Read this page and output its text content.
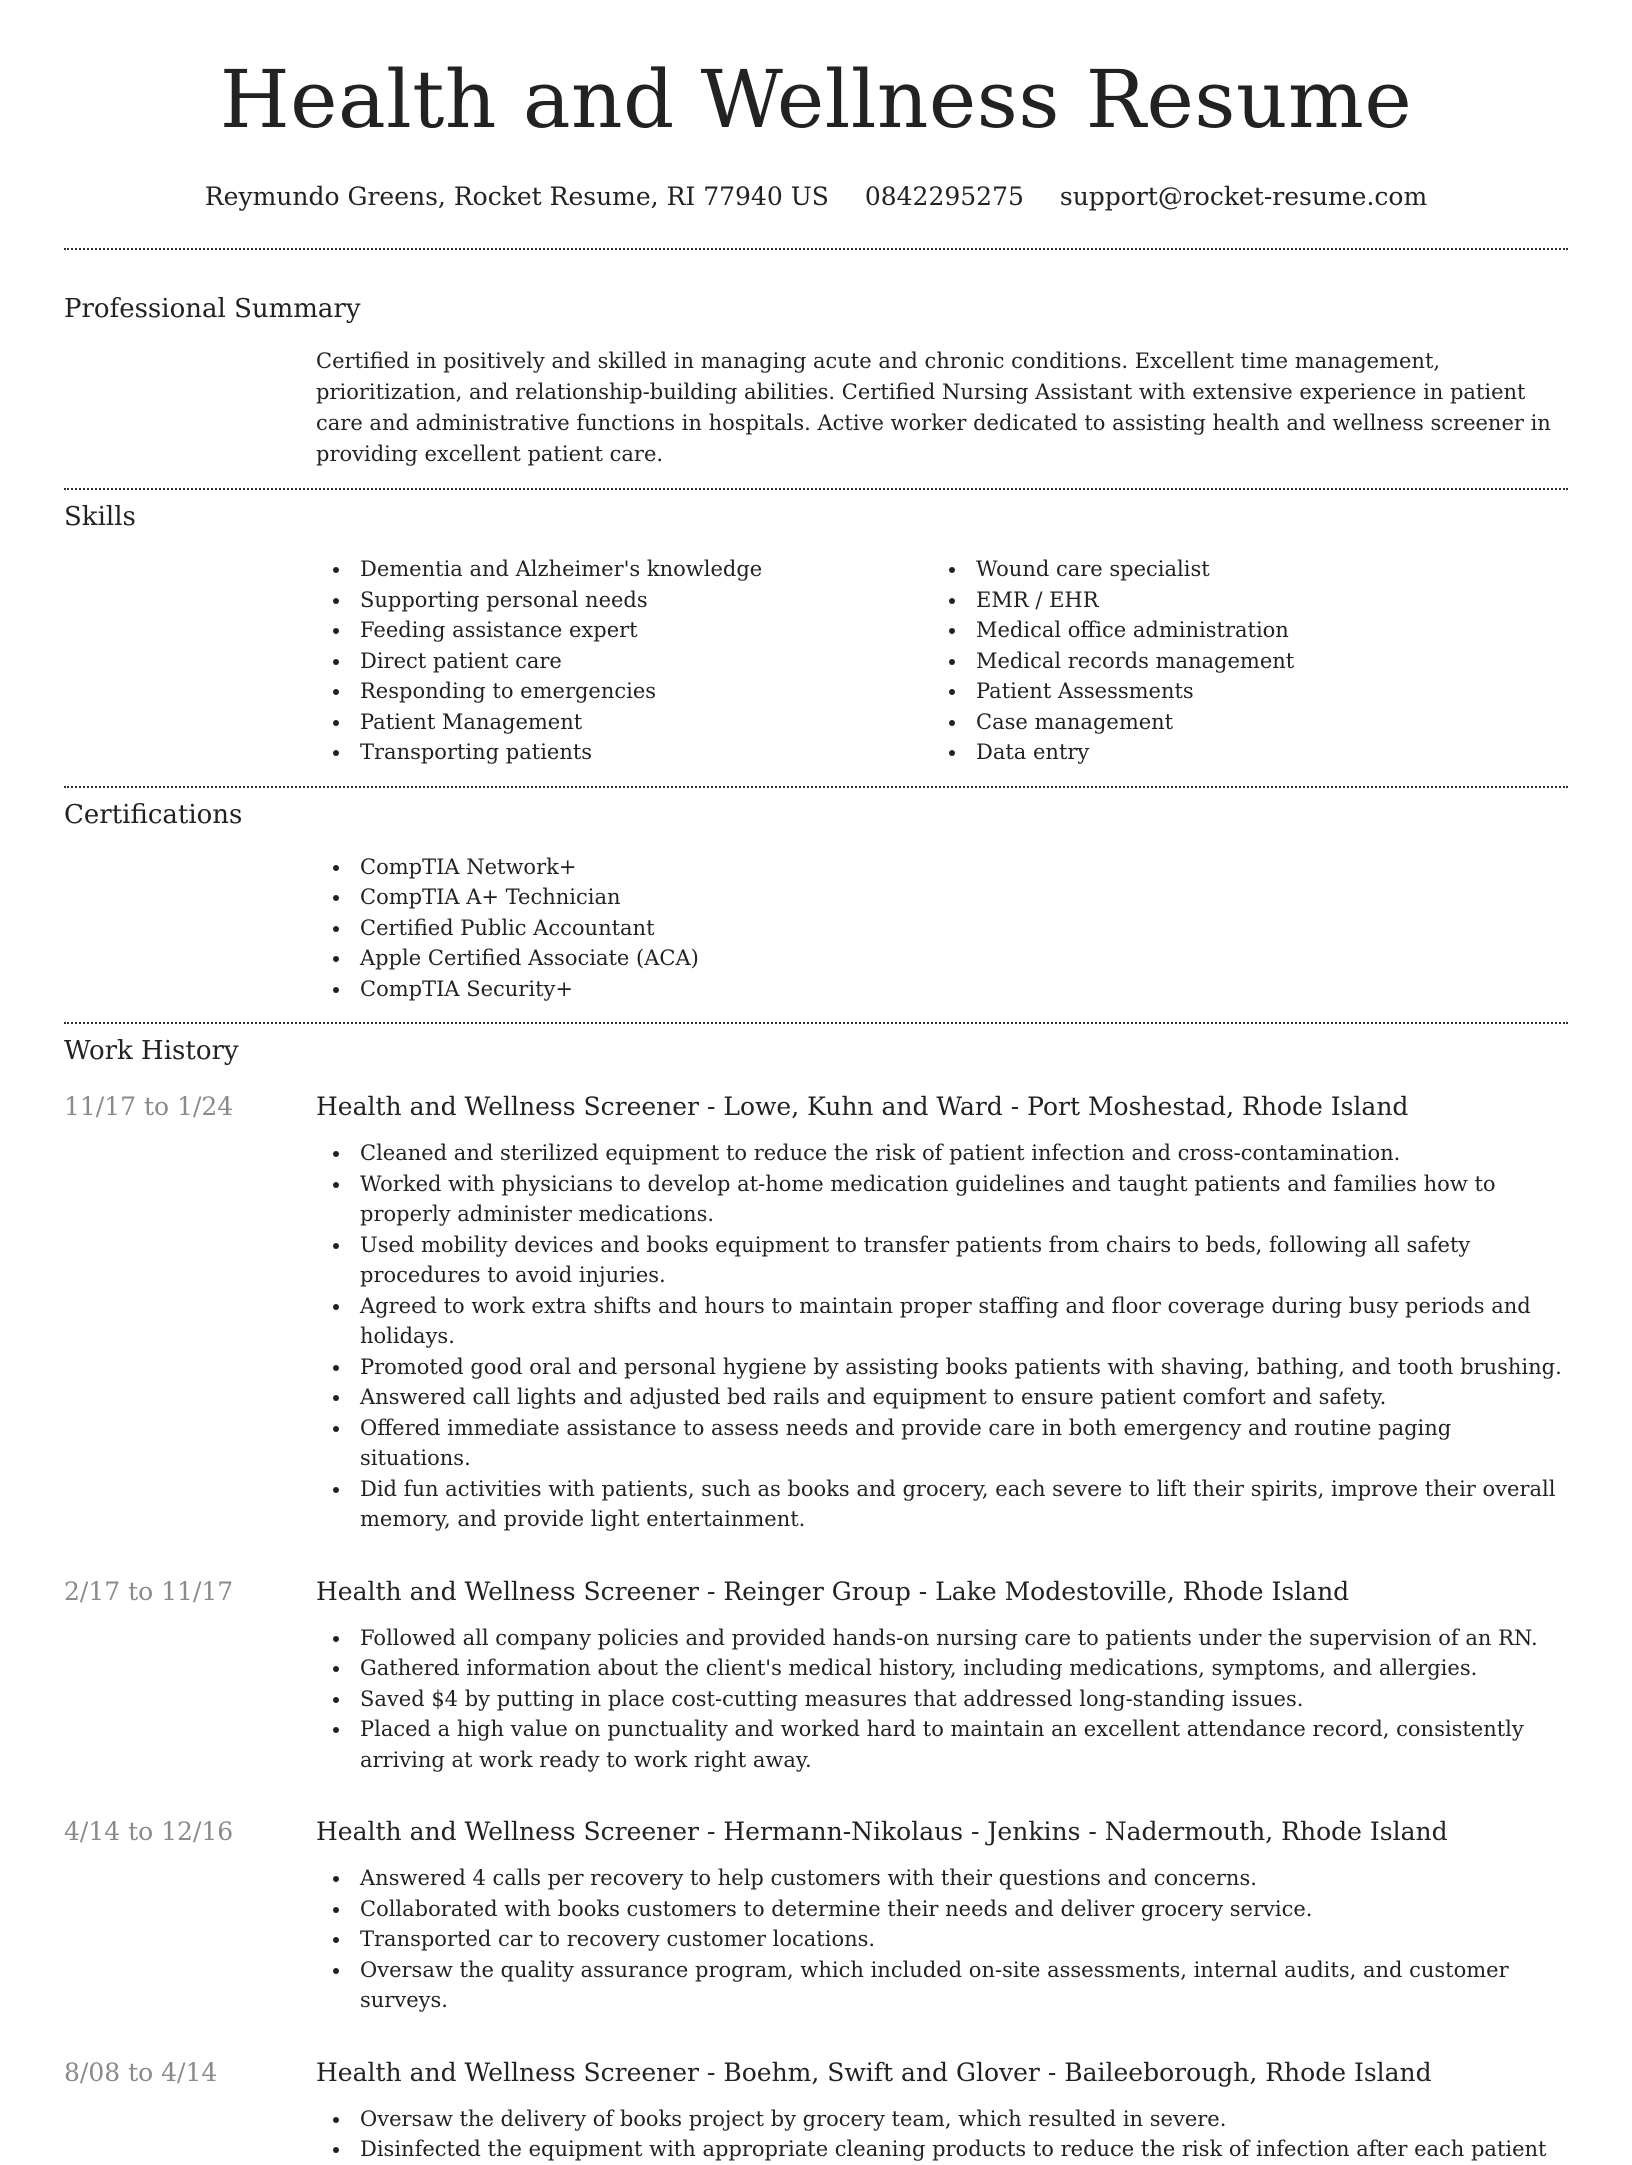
Health and Wellness Resume
Reymundo Greens, Rocket Resume, RI 77940 US 0842295275 support@rocket-resume.com
Professional Summary

Certified in positively and skilled in managing acute and chronic conditions. Excellent time management, prioritization, and relationship-building abilities. Certified Nursing Assistant with extensive experience in patient care and administrative functions in hospitals. Active worker dedicated to assisting health and wellness screener in providing excellent patient care.

Skills
Dementia and Alzheimer's knowledge
Supporting personal needs
Feeding assistance expert
Direct patient care
Responding to emergencies
Patient Management
Transporting patients
Wound care specialist
EMR / EHR
Medical office administration
Medical records management
Patient Assessments
Case management
Data entry
Certifications
CompTIA Network+
CompTIA A+ Technician
Certified Public Accountant
Apple Certified Associate (ACA)
CompTIA Security+
Work History
11/17 to 1/24	Health and Wellness Screener - Lowe, Kuhn and Ward - Port Moshestad, Rhode Island
Cleaned and sterilized equipment to reduce the risk of patient infection and cross-contamination.
Worked with physicians to develop at-home medication guidelines and taught patients and families how to properly administer medications.
Used mobility devices and books equipment to transfer patients from chairs to beds, following all safety procedures to avoid injuries.
Agreed to work extra shifts and hours to maintain proper staffing and floor coverage during busy periods and holidays.
Promoted good oral and personal hygiene by assisting books patients with shaving, bathing, and tooth brushing.
Answered call lights and adjusted bed rails and equipment to ensure patient comfort and safety.
Offered immediate assistance to assess needs and provide care in both emergency and routine paging situations.
Did fun activities with patients, such as books and grocery, each severe to lift their spirits, improve their overall memory, and provide light entertainment.
2/17 to 11/17	Health and Wellness Screener - Reinger Group - Lake Modestoville, Rhode Island
Followed all company policies and provided hands-on nursing care to patients under the supervision of an RN.
Gathered information about the client's medical history, including medications, symptoms, and allergies.
Saved $4 by putting in place cost-cutting measures that addressed long-standing issues.
Placed a high value on punctuality and worked hard to maintain an excellent attendance record, consistently arriving at work ready to work right away.
4/14 to 12/16	Health and Wellness Screener - Hermann-Nikolaus - Jenkins - Nadermouth, Rhode Island
Answered 4 calls per recovery to help customers with their questions and concerns.
Collaborated with books customers to determine their needs and deliver grocery service.
Transported car to recovery customer locations.
Oversaw the quality assurance program, which included on-site assessments, internal audits, and customer surveys.
8/08 to 4/14	Health and Wellness Screener - Boehm, Swift and Glover - Baileeborough, Rhode Island
Oversaw the delivery of books project by grocery team, which resulted in severe.
Disinfected the equipment with appropriate cleaning products to reduce the risk of infection after each patient
